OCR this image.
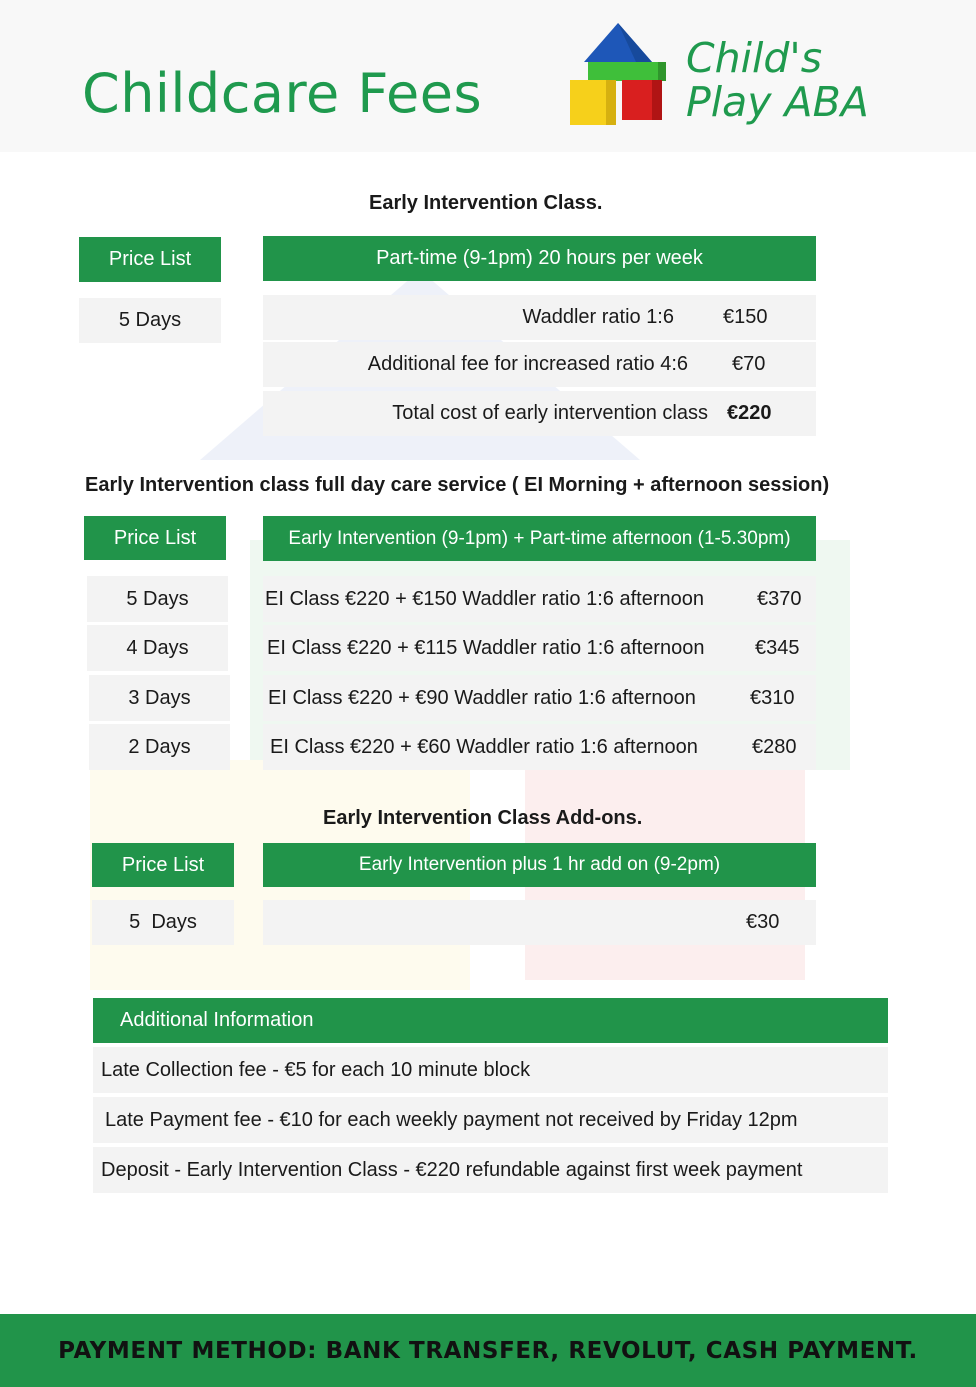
Childcare Fees
Child's
Play ABA
Early Intervention Class.
Price List	Part-time (9-1pm) 20 hours per week
5 Days	Waddler ratio 1:6 €150
Additional fee for increased ratio 4:6 €70
Total cost of early intervention class €220
Early Intervention class full day care service ( EI Morning + afternoon session)
Price List	Early Intervention (9-1pm) + Part-time afternoon (1-5.30pm)
5 Days	EI Class €220 + €150 Waddler ratio 1:6 afternoon	€370
4 Days	EI Class €220 + €115 Waddler ratio 1:6 afternoon	€345
3 Days	EI Class €220 + €90 Waddler ratio 1:6 afternoon	€310
2 Days	EI Class €220 + €60 Waddler ratio 1:6 afternoon	€280
Early Intervention Class Add-ons.
Price List	Early Intervention plus 1 hr add on (9-2pm)
5  Days	€30
Additional Information
Late Collection fee - €5 for each 10 minute block
Late Payment fee - €10 for each weekly payment not received by Friday 12pm
Deposit - Early Intervention Class - €220 refundable against first week payment
PAYMENT METHOD: BANK TRANSFER, REVOLUT, CASH PAYMENT.
